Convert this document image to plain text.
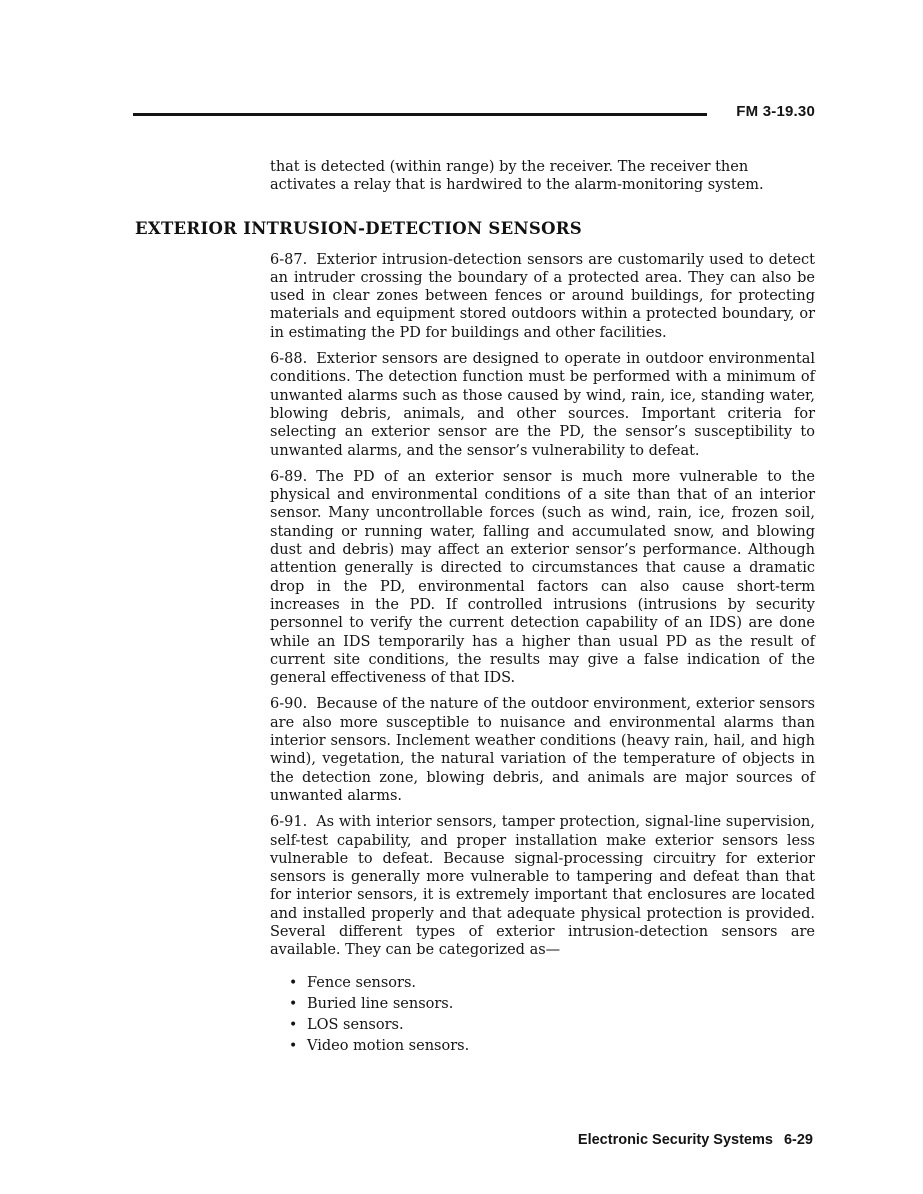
FM 3-19.30

that is detected (within range) by the receiver. The receiver then activates a relay that is hardwired to the alarm-monitoring system.

EXTERIOR INTRUSION-DETECTION SENSORS

6-87. Exterior intrusion-detection sensors are customarily used to detect an intruder crossing the boundary of a protected area. They can also be used in clear zones between fences or around buildings, for protecting materials and equipment stored outdoors within a protected boundary, or in estimating the PD for buildings and other facilities.

6-88. Exterior sensors are designed to operate in outdoor environmental conditions. The detection function must be performed with a minimum of unwanted alarms such as those caused by wind, rain, ice, standing water, blowing debris, animals, and other sources. Important criteria for selecting an exterior sensor are the PD, the sensor’s susceptibility to unwanted alarms, and the sensor’s vulnerability to defeat.

6-89. The PD of an exterior sensor is much more vulnerable to the physical and environmental conditions of a site than that of an interior sensor. Many uncontrollable forces (such as wind, rain, ice, frozen soil, standing or running water, falling and accumulated snow, and blowing dust and debris) may affect an exterior sensor’s performance. Although attention generally is directed to circumstances that cause a dramatic drop in the PD, environmental factors can also cause short-term increases in the PD. If controlled intrusions (intrusions by security personnel to verify the current detection capability of an IDS) are done while an IDS temporarily has a higher than usual PD as the result of current site conditions, the results may give a false indication of the general effectiveness of that IDS.

6-90. Because of the nature of the outdoor environment, exterior sensors are also more susceptible to nuisance and environmental alarms than interior sensors. Inclement weather conditions (heavy rain, hail, and high wind), vegetation, the natural variation of the temperature of objects in the detection zone, blowing debris, and animals are major sources of unwanted alarms.

6-91. As with interior sensors, tamper protection, signal-line supervision, self-test capability, and proper installation make exterior sensors less vulnerable to defeat. Because signal-processing circuitry for exterior sensors is generally more vulnerable to tampering and defeat than that for interior sensors, it is extremely important that enclosures are located and installed properly and that adequate physical protection is provided. Several different types of exterior intrusion-detection sensors are available. They can be categorized as—

• Fence sensors.
• Buried line sensors.
• LOS sensors.
• Video motion sensors.
Electronic Security Systems 6-29
